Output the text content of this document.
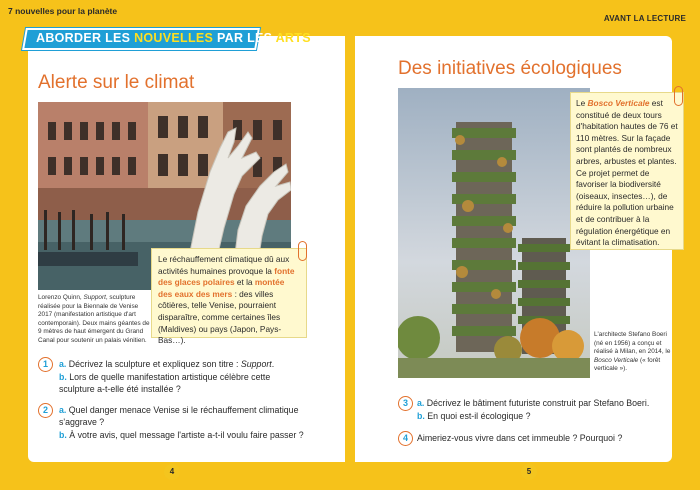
7 nouvelles pour la planète
AVANT LA LECTURE
ABORDER LES NOUVELLES PAR LES ARTS
Alerte sur le climat
Le réchauffement climatique dû aux activités humaines provoque la fonte des glaces polaires et la montée des eaux des mers : des villes côtières, telle Venise, pourraient disparaître, comme certaines îles (Maldives) ou pays (Japon, Pays-Bas…).
Lorenzo Quinn, Support, sculpture réalisée pour la Biennale de Venise 2017 (manifestation artistique d'art contemporain). Deux mains géantes de 9 mètres de haut émergent du Grand Canal pour soutenir un palais vénitien.
1	a. Décrivez la sculpture et expliquez son titre : Support.
b. Lors de quelle manifestation artistique célèbre cette sculpture a-t-elle été installée ?
2	a. Quel danger menace Venise si le réchauffement climatique s'aggrave ?
b. À votre avis, quel message l'artiste a-t-il voulu faire passer ?
4
Des initiatives écologiques
Le Bosco Verticale est constitué de deux tours d'habitation hautes de 76 et 110 mètres. Sur la façade sont plantés de nombreux arbres, arbustes et plantes. Ce projet permet de favoriser la biodiversité (oiseaux, insectes…), de réduire la pollution urbaine et de contribuer à la régulation énergétique en évitant la climatisation.
L'architecte Stefano Boeri (né en 1956) a conçu et réalisé à Milan, en 2014, le Bosco Verticale (« forêt verticale »).
3	a. Décrivez le bâtiment futuriste construit par Stefano Boeri.
b. En quoi est-il écologique ?
4	Aimeriez-vous vivre dans cet immeuble ? Pourquoi ?
5
